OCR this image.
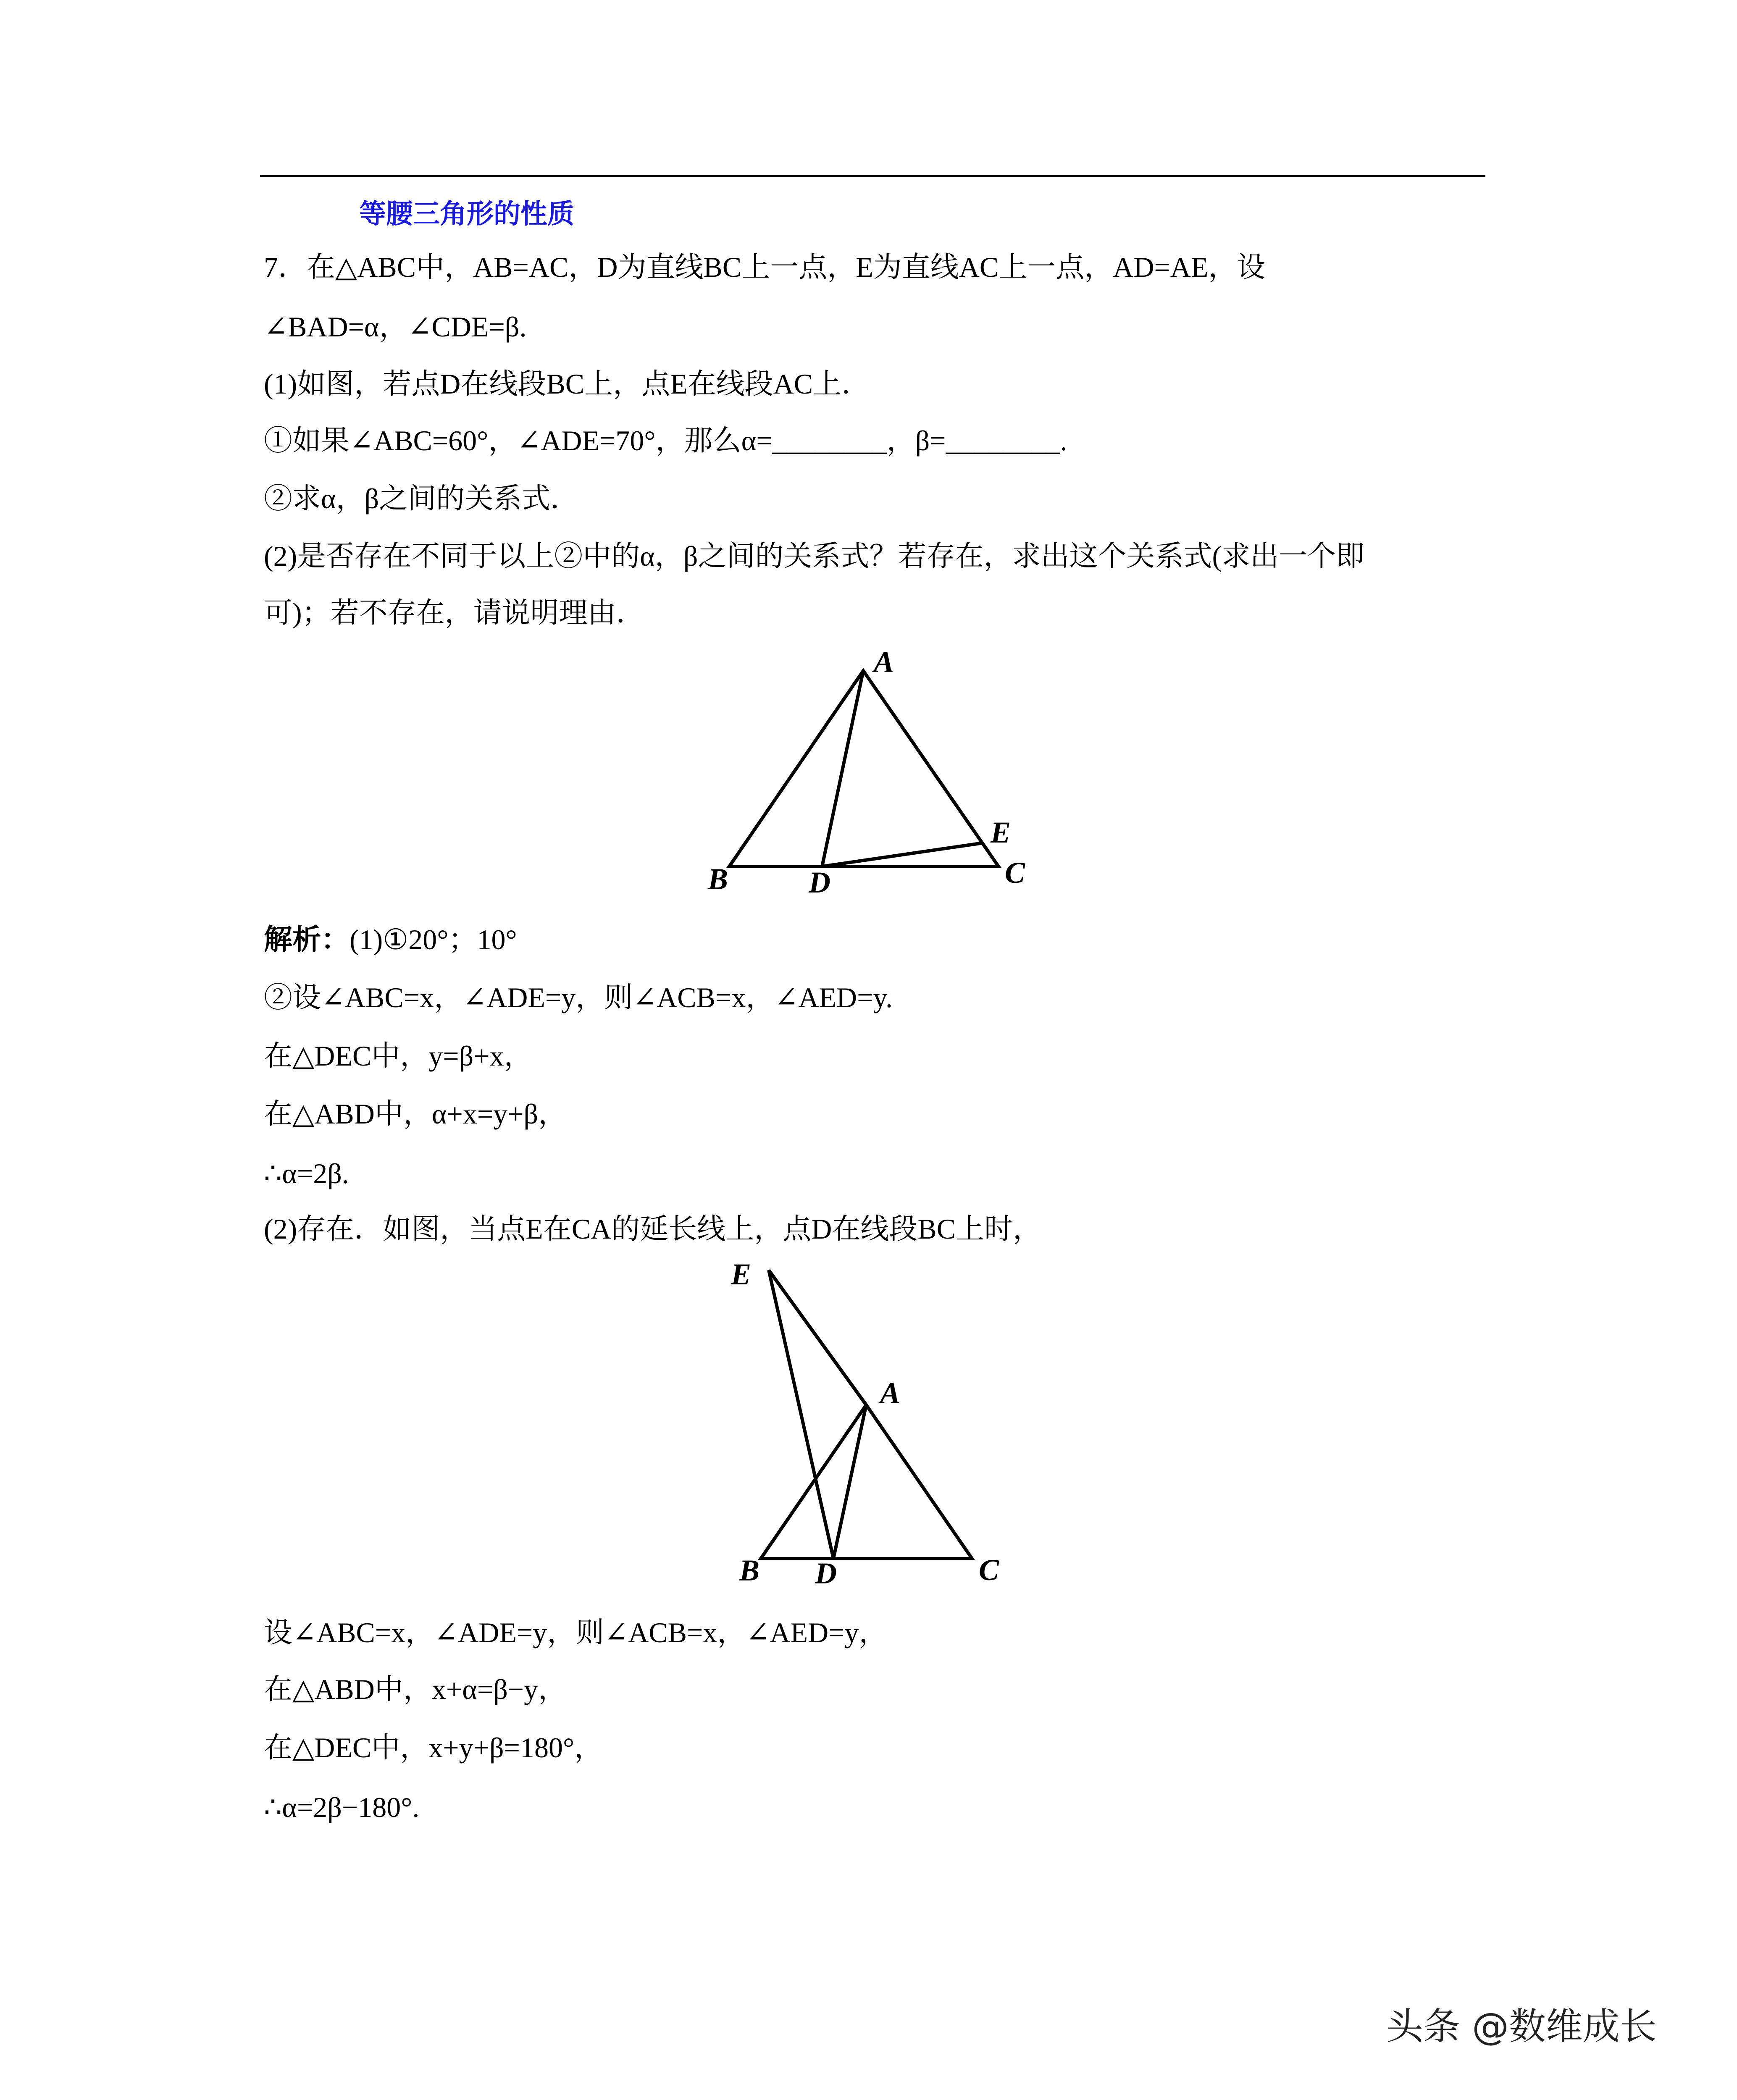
等腰三角形的性质
7．在△ABC中，AB=AC，D为直线BC上一点，E为直线AC上一点，AD=AE，设
∠BAD=α，∠CDE=β.
(1)如图，若点D在线段BC上，点E在线段AC上．
①如果∠ABC=60°，∠ADE=70°，那么α=________，β=________.
②求α，β之间的关系式．
(2)是否存在不同于以上②中的α，β之间的关系式？若存在，求出这个关系式(求出一个即
可)；若不存在，请说明理由．
A
E
B	D	C
E
A
B D	C
解析：(1)①20°；10°
②设∠ABC=x，∠ADE=y，则∠ACB=x，∠AED=y.
在△DEC中，y=β+x，
在△ABD中，α+x=y+β，
∴α=2β.
(2)存在．如图，当点E在CA的延长线上，点D在线段BC上时，
设∠ABC=x，∠ADE=y，则∠ACB=x，∠AED=y，
在△ABD中，x+α=β−y，
在△DEC中，x+y+β=180°，
∴α=2β−180°.
头条 @数维成长
